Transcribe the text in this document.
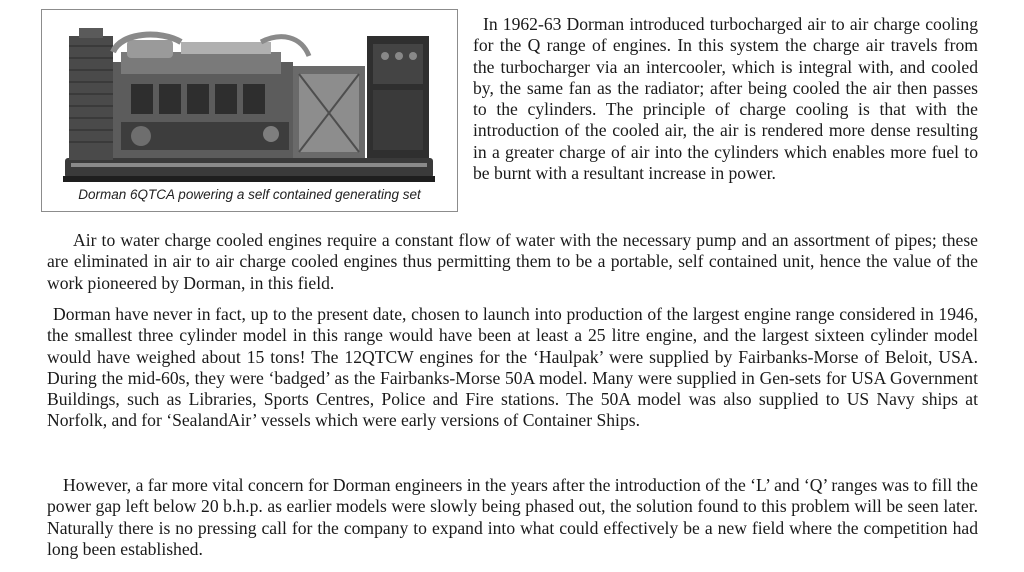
Dorman 6QTCA powering a self contained generating set

In 1962-63 Dorman introduced turbocharged air to air charge cooling for the Q range of engines. In this system the charge air travels from the turbocharger via an intercooler, which is integral with, and cooled by, the same fan as the radiator; after being cooled the air then passes to the cylinders. The principle of charge cooling is that with the introduction of the cooled air, the air is rendered more dense resulting in a greater charge of air into the cylinders which enables more fuel to be burnt with a resultant increase in power.

Air to water charge cooled engines require a constant flow of water with the necessary pump and an assortment of pipes; these are eliminated in air to air charge cooled engines thus permitting them to be a portable, self contained unit, hence the value of the work pioneered by Dorman, in this field.

Dorman have never in fact, up to the present date, chosen to launch into production of the largest engine range considered in 1946, the smallest three cylinder model in this range would have been at least a 25 litre engine, and the largest sixteen cylinder model would have weighed about 15 tons! The 12QTCW engines for the ‘Haulpak’ were supplied by Fairbanks-Morse of Beloit, USA. During the mid-60s, they were ‘badged’ as the Fairbanks-Morse 50A model. Many were supplied in Gen-sets for USA Government Buildings, such as Libraries, Sports Centres, Police and Fire stations. The 50A model was also supplied to US Navy ships at Norfolk, and for ‘SealandAir’ vessels which were early versions of Container Ships.

However, a far more vital concern for Dorman engineers in the years after the introduction of the ‘L’ and ‘Q’ ranges was to fill the power gap left below 20 b.h.p. as earlier models were slowly being phased out, the solution found to this problem will be seen later. Naturally there is no pressing call for the company to expand into what could effectively be a new field where the competition had long been established.
